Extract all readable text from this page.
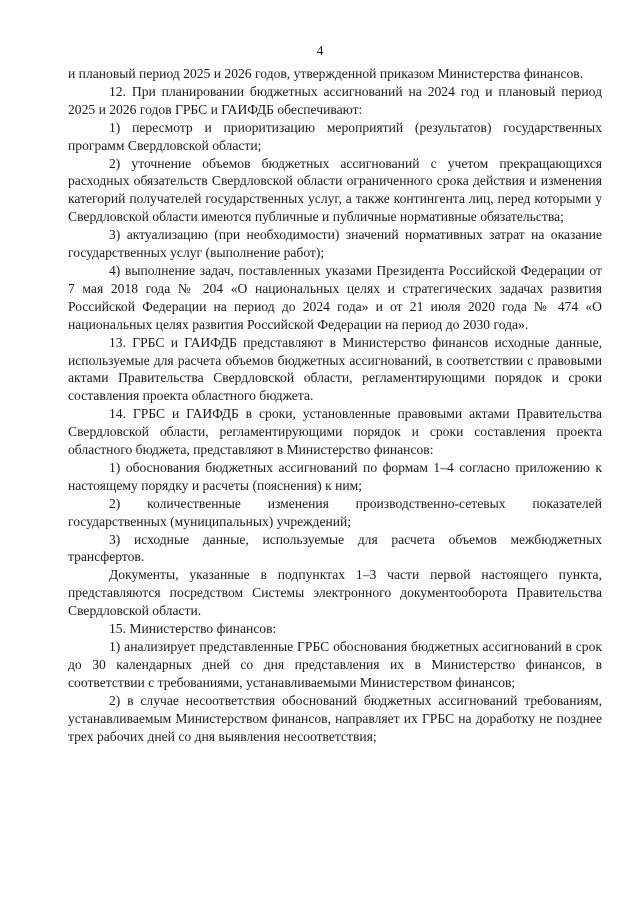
4

и плановый период 2025 и 2026 годов, утвержденной приказом Министерства финансов.

12. При планировании бюджетных ассигнований на 2024 год и плановый период 2025 и 2026 годов ГРБС и ГАИФДБ обеспечивают:

1) пересмотр и приоритизацию мероприятий (результатов) государственных программ Свердловской области;

2) уточнение объемов бюджетных ассигнований с учетом прекращающихся расходных обязательств Свердловской области ограниченного срока действия и изменения категорий получателей государственных услуг, а также контингента лиц, перед которыми у Свердловской области имеются публичные и публичные нормативные обязательства;

3) актуализацию (при необходимости) значений нормативных затрат на оказание государственных услуг (выполнение работ);

4) выполнение задач, поставленных указами Президента Российской Федерации от 7 мая 2018 года № 204 «О национальных целях и стратегических задачах развития Российской Федерации на период до 2024 года» и от 21 июля 2020 года № 474 «О национальных целях развития Российской Федерации на период до 2030 года».

13. ГРБС и ГАИФДБ представляют в Министерство финансов исходные данные, используемые для расчета объемов бюджетных ассигнований, в соответствии с правовыми актами Правительства Свердловской области, регламентирующими порядок и сроки составления проекта областного бюджета.

14. ГРБС и ГАИФДБ в сроки, установленные правовыми актами Правительства Свердловской области, регламентирующими порядок и сроки составления проекта областного бюджета, представляют в Министерство финансов:

1) обоснования бюджетных ассигнований по формам 1–4 согласно приложению к настоящему порядку и расчеты (пояснения) к ним;

2) количественные изменения производственно-сетевых показателей государственных (муниципальных) учреждений;

3) исходные данные, используемые для расчета объемов межбюджетных трансфертов.

Документы, указанные в подпунктах 1–3 части первой настоящего пункта, представляются посредством Системы электронного документооборота Правительства Свердловской области.

15. Министерство финансов:

1) анализирует представленные ГРБС обоснования бюджетных ассигнований в срок до 30 календарных дней со дня представления их в Министерство финансов, в соответствии с требованиями, устанавливаемыми Министерством финансов;

2) в случае несоответствия обоснований бюджетных ассигнований требованиям, устанавливаемым Министерством финансов, направляет их ГРБС на доработку не позднее трех рабочих дней со дня выявления несоответствия;
